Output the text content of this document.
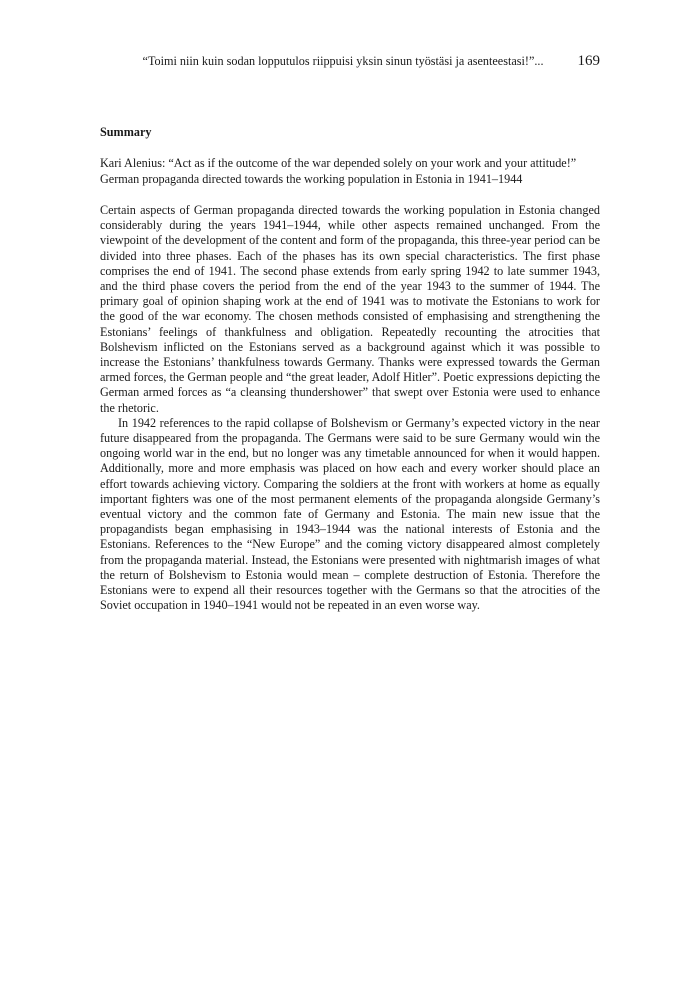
“Toimi niin kuin sodan lopputulos riippuisi yksin sinun työstäsi ja asenteestasi!”... 169
Summary
Kari Alenius: “Act as if the outcome of the war depended solely on your work and your attitude!”
German propaganda directed towards the working population in Estonia in 1941–1944

Certain aspects of German propaganda directed towards the working population in Estonia changed considerably during the years 1941–1944, while other aspects remained unchanged. From the viewpoint of the development of the content and form of the propaganda, this three-year period can be divided into three phases. Each of the phases has its own special characteristics. The first phase comprises the end of 1941. The second phase extends from early spring 1942 to late summer 1943, and the third phase covers the period from the end of the year 1943 to the summer of 1944. The primary goal of opinion shaping work at the end of 1941 was to motivate the Estonians to work for the good of the war economy. The chosen methods consisted of emphasising and strengthening the Estonians’ feelings of thankfulness and obligation. Repeatedly recounting the atrocities that Bolshevism inflicted on the Estonians served as a background against which it was possible to increase the Estonians’ thankfulness towards Germany. Thanks were expressed towards the German armed forces, the German people and “the great leader, Adolf Hitler”. Poetic expressions depicting the German armed forces as “a cleansing thundershower” that swept over Estonia were used to enhance the rhetoric.

In 1942 references to the rapid collapse of Bolshevism or Germany’s expected victory in the near future disappeared from the propaganda. The Germans were said to be sure Germany would win the ongoing world war in the end, but no longer was any timetable announced for when it would happen. Additionally, more and more emphasis was placed on how each and every worker should place an effort towards achieving victory. Comparing the soldiers at the front with workers at home as equally important fighters was one of the most permanent elements of the propaganda alongside Germany’s eventual victory and the common fate of Germany and Estonia. The main new issue that the propagandists began emphasising in 1943–1944 was the national interests of Estonia and the Estonians. References to the “New Europe” and the coming victory disappeared almost completely from the propaganda material. Instead, the Estonians were presented with nightmarish images of what the return of Bolshevism to Estonia would mean – complete destruction of Estonia. Therefore the Estonians were to expend all their resources together with the Germans so that the atrocities of the Soviet occupation in 1940–1941 would not be repeated in an even worse way.
